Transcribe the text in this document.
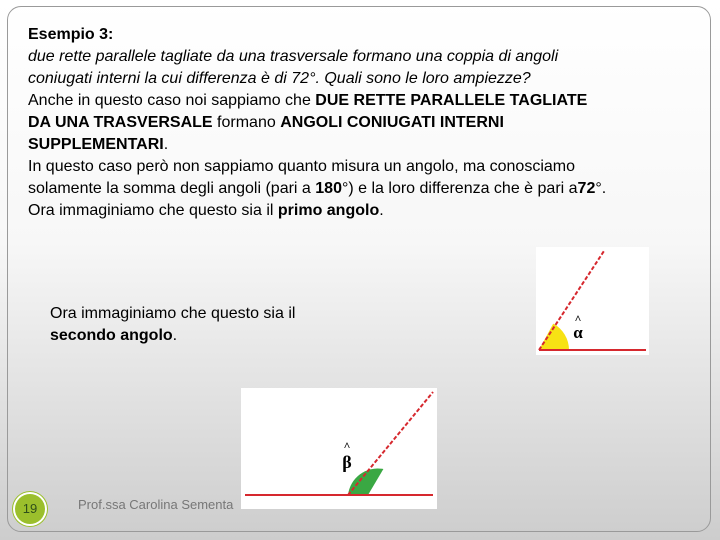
Esempio 3:

due rette parallele tagliate da una trasversale formano una coppia di angoli coniugati interni la cui differenza è di 72°. Quali sono le loro ampiezze?

Anche in questo caso noi sappiamo che DUE RETTE PARALLELE TAGLIATE DA UNA TRASVERSALE formano ANGOLI CONIUGATI INTERNI SUPPLEMENTARI.

In questo caso però non sappiamo quanto misura un angolo, ma conosciamo solamente la somma degli angoli (pari a 180°) e la loro differenza che è pari a72°.

Ora immaginiamo che questo sia il primo angolo.

Ora immaginiamo che questo sia il secondo angolo.

^
α
^
β
19	Prof.ssa Carolina Sementa
